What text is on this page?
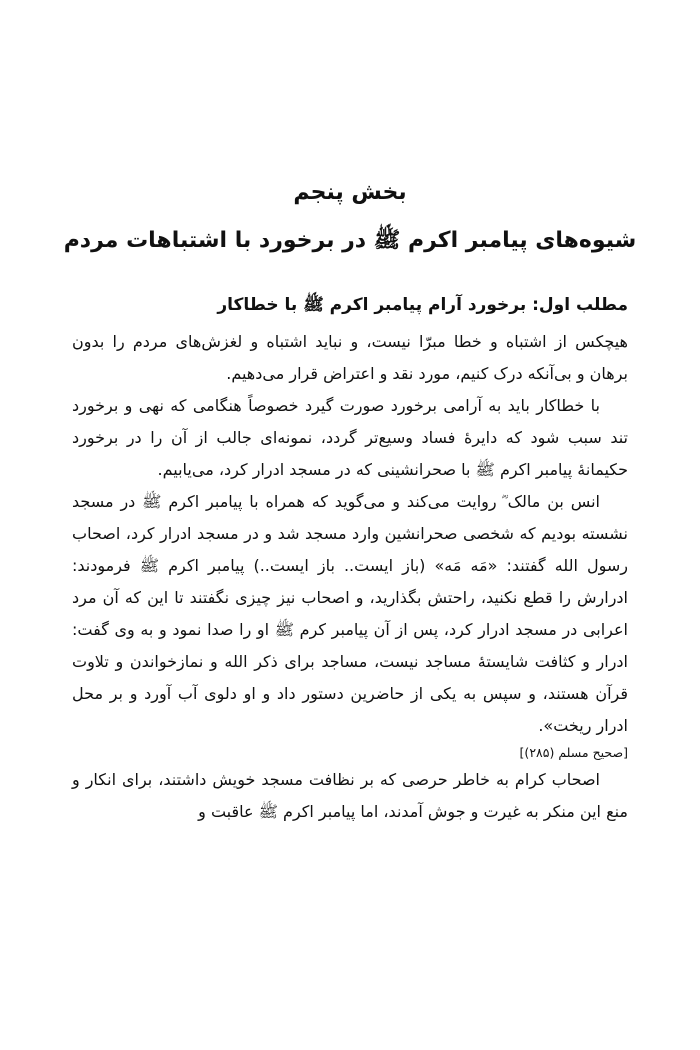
بخش پنجم
شیوه‌های پیامبر اکرم ﷺ در برخورد با اشتباهات مردم
مطلب اول: برخورد آرام پیامبر اکرم ﷺ با خطاکار

هیچکس از اشتباه و خطا مبرّا نیست، و نباید اشتباه و لغزش‌های مردم را بدون برهان و بی‌آنکه درک کنیم، مورد نقد و اعتراض قرار می‌دهیم.

با خطاکار باید به آرامی برخورد صورت گیرد خصوصاً هنگامی که نهی و برخورد تند سبب شود که دایرۀ فساد وسیع‌تر گردد، نمونه‌ای جالب از آن را در برخورد حکیمانۀ پیامبر اکرم ﷺ با صحرانشینی که در مسجد ادرار کرد، می‌یابیم.

انس بن مالک ؓ روایت می‌کند و می‌گوید که همراه با پیامبر اکرم ﷺ در مسجد نشسته بودیم که شخصی صحرانشین وارد مسجد شد و در مسجد ادرار کرد، اصحاب رسول الله گفتند: «مَه مَه» (باز ایست.. باز ایست..) پیامبر اکرم ﷺ فرمودند: ادرارش را قطع نکنید، راحتش بگذارید، و اصحاب نیز چیزی نگفتند تا این که آن مرد اعرابی در مسجد ادرار کرد، پس از آن پیامبر کرم ﷺ او را صدا نمود و به وی گفت: ادرار و کثافت شایستۀ مساجد نیست، مساجد برای ذکر الله و نمازخواندن و تلاوت قرآن هستند، و سپس به یکی از حاضرین دستور داد و او دلوی آب آورد و بر محل ادرار ریخت».

[صحیح مسلم (۲۸۵)]

اصحاب کرام به خاطر حرصی که بر نظافت مسجد خویش داشتند، برای انکار و منع این منکر به غیرت و جوش آمدند، اما پیامبر اکرم ﷺ عاقبت و
